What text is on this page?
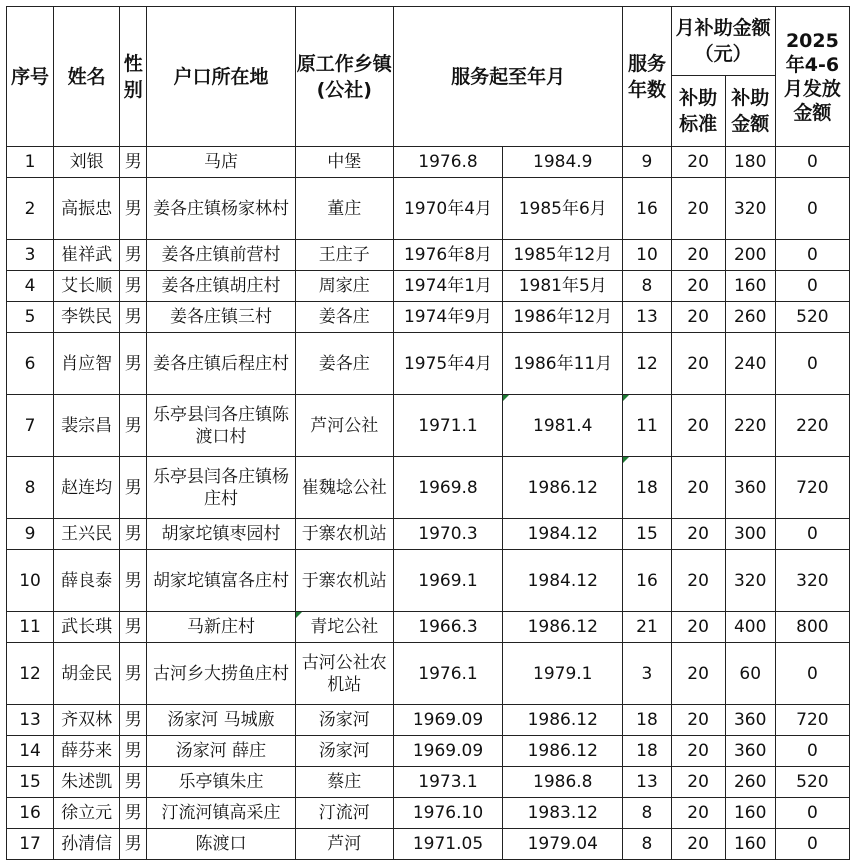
序号	姓名	性别	户口所在地	原工作乡镇(公社)	服务起至年月		服务年数	月补助金额（元）		2025年4-6月发放金额
								补助标准	补助金额	
1	刘银	男	马店	中堡	1976.8	1984.9	9	20	180	0
2	高振忠	男	姜各庄镇杨家林村	董庄	1970年4月	1985年6月	16	20	320	0
3	崔祥武	男	姜各庄镇前营村	王庄子	1976年8月	1985年12月	10	20	200	0
4	艾长顺	男	姜各庄镇胡庄村	周家庄	1974年1月	1981年5月	8	20	160	0
5	李铁民	男	姜各庄镇三村	姜各庄	1974年9月	1986年12月	13	20	260	520
6	肖应智	男	姜各庄镇后程庄村	姜各庄	1975年4月	1986年11月	12	20	240	0
7	裴宗昌	男	乐亭县闫各庄镇陈渡口村	芦河公社	1971.1	1981.4	11	20	220	220
8	赵连均	男	乐亭县闫各庄镇杨庄村	崔魏埝公社	1969.8	1986.12	18	20	360	720
9	王兴民	男	胡家坨镇枣园村	于寨农机站	1970.3	1984.12	15	20	300	0
10	薛良泰	男	胡家坨镇富各庄村	于寨农机站	1969.1	1984.12	16	20	320	320
11	武长琪	男	马新庄村	青坨公社	1966.3	1986.12	21	20	400	800
12	胡金民	男	古河乡大捞鱼庄村	古河公社农机站	1976.1	1979.1	3	20	60	0
13	齐双林	男	汤家河 马城廒	汤家河	1969.09	1986.12	18	20	360	720
14	薛芬来	男	汤家河 薛庄	汤家河	1969.09	1986.12	18	20	360	0
15	朱述凯	男	乐亭镇朱庄	蔡庄	1973.1	1986.8	13	20	260	520
16	徐立元	男	汀流河镇高采庄	汀流河	1976.10	1983.12	8	20	160	0
17	孙清信	男	陈渡口	芦河	1971.05	1979.04	8	20	160	0
